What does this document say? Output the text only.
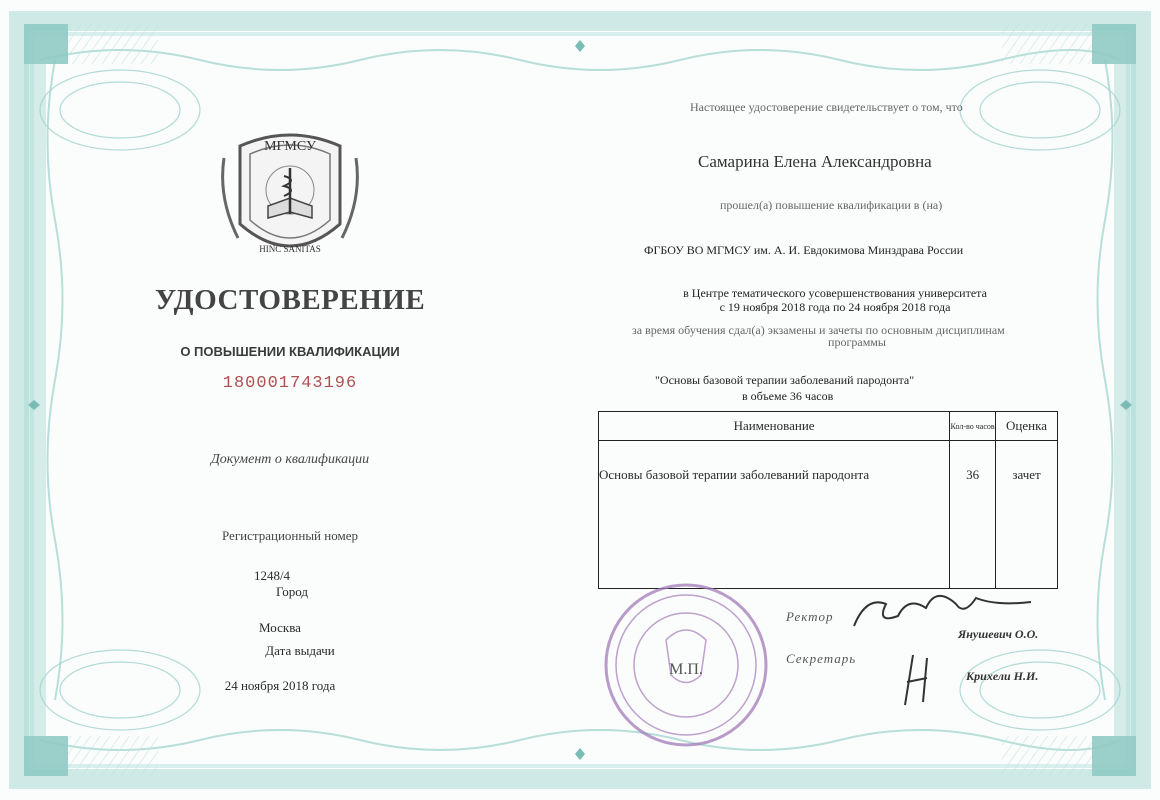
МГМСУ
HINC SANITAS
УДОСТОВЕРЕНИЕ
О ПОВЫШЕНИИ КВАЛИФИКАЦИИ
180001743196
Документ о квалификации
Регистрационный номер
1248/4
Город
Москва
Дата выдачи
24 ноября 2018 года
Настоящее удостоверение свидетельствует о том, что
Самарина Елена Александровна
прошел(а) повышение квалификации в (на)
ФГБОУ ВО МГМСУ им. А. И. Евдокимова Минздрава России
в Центре тематического усовершенствования университета
с 19 ноября 2018 года по 24 ноября 2018 года
за время обучения сдал(а) экзамены и зачеты по основным дисциплинам
программы
"Основы базовой терапии заболеваний пародонта"
в объеме 36 часов
Наименование	Кол-во часов	Оценка
Основы базовой терапии заболеваний пародонта	36	зачет
М.П.
Ректор
Янушевич О.О.
Секретарь
Крихели Н.И.
